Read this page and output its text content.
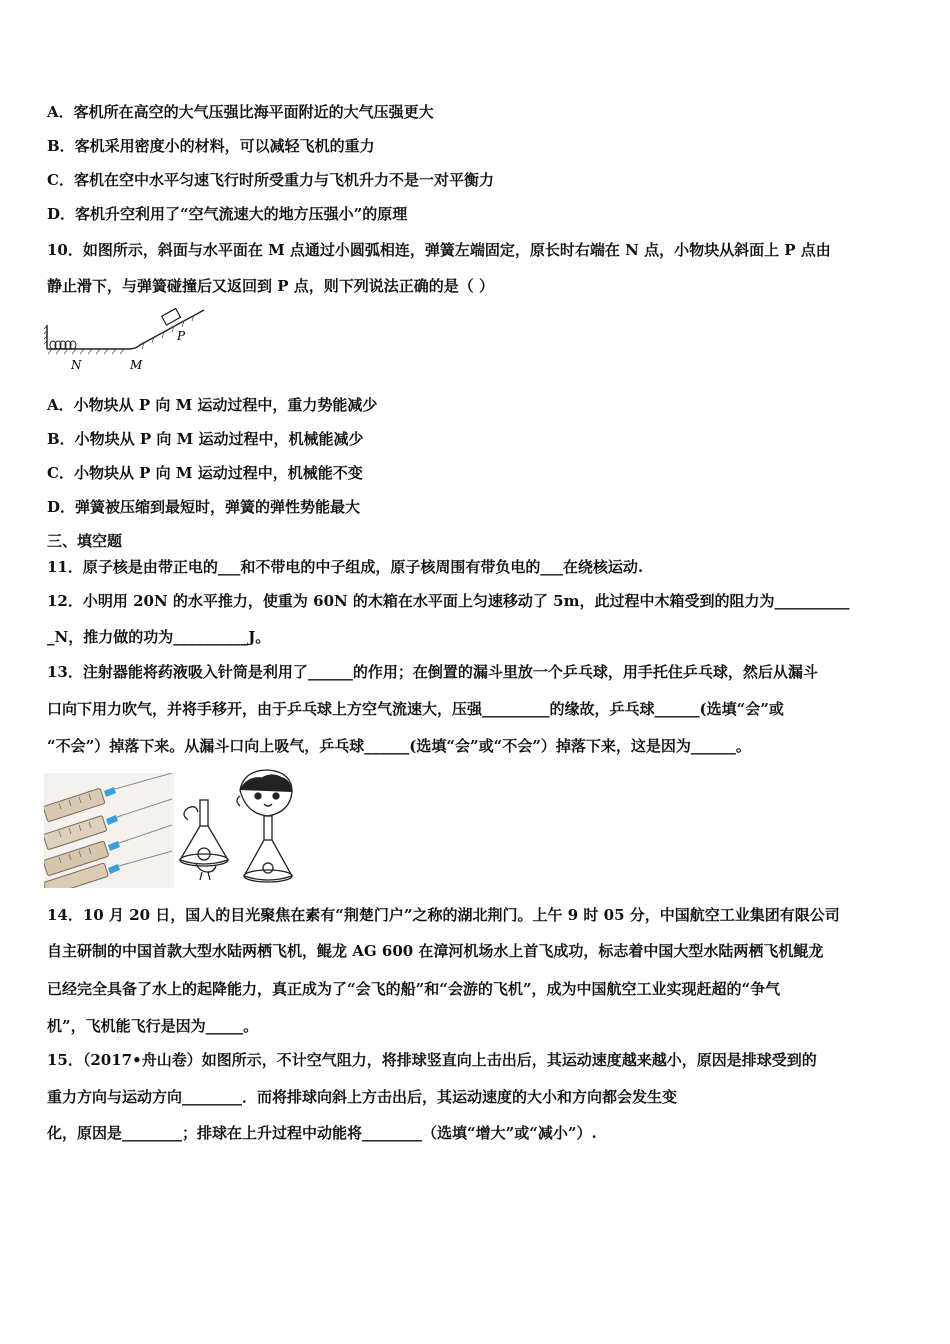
A．客机所在高空的大气压强比海平面附近的大气压强更大
B．客机采用密度小的材料，可以减轻飞机的重力
C．客机在空中水平匀速飞行时所受重力与飞机升力不是一对平衡力
D．客机升空利用了“空气流速大的地方压强小”的原理
10．如图所示，斜面与水平面在 M 点通过小圆弧相连，弹簧左端固定，原长时右端在 N 点，小物块从斜面上 P 点由
静止滑下，与弹簧碰撞后又返回到 P 点，则下列说法正确的是（ ）
P
N	M
A．小物块从 P 向 M 运动过程中，重力势能减少
B．小物块从 P 向 M 运动过程中，机械能减少
C．小物块从 P 向 M 运动过程中，机械能不变
D．弹簧被压缩到最短时，弹簧的弹性势能最大
三、填空题
11．原子核是由带正电的___和不带电的中子组成，原子核周围有带负电的___在绕核运动.
12．小明用 20N 的水平推力，使重为 60N 的木箱在水平面上匀速移动了 5m，此过程中木箱受到的阻力为__________
_N，推力做的功为__________J。
13．注射器能将药液吸入针筒是利用了______的作用；在倒置的漏斗里放一个乒乓球，用手托住乒乓球，然后从漏斗
口向下用力吹气，并将手移开，由于乒乓球上方空气流速大，压强_________的缘故，乒乓球______(选填“会”或
“不会”）掉落下来。从漏斗口向上吸气，乒乓球______(选填“会”或“不会”）掉落下来，这是因为______。
14．10 月 20 日，国人的目光聚焦在素有“荆楚门户”之称的湖北荆门。上午 9 时 05 分，中国航空工业集团有限公司
自主研制的中国首款大型水陆两栖飞机，鲲龙 AG 600 在漳河机场水上首飞成功，标志着中国大型水陆两栖飞机鲲龙
已经完全具备了水上的起降能力，真正成为了“会飞的船”和“会游的飞机”，成为中国航空工业实现赶超的“争气
机”，飞机能飞行是因为_____。
15．（2017•舟山卷）如图所示，不计空气阻力，将排球竖直向上击出后，其运动速度越来越小，原因是排球受到的
重力方向与运动方向________．而将排球向斜上方击出后，其运动速度的大小和方向都会发生变
化，原因是________；排球在上升过程中动能将________（选填“增大”或“减小”）.
